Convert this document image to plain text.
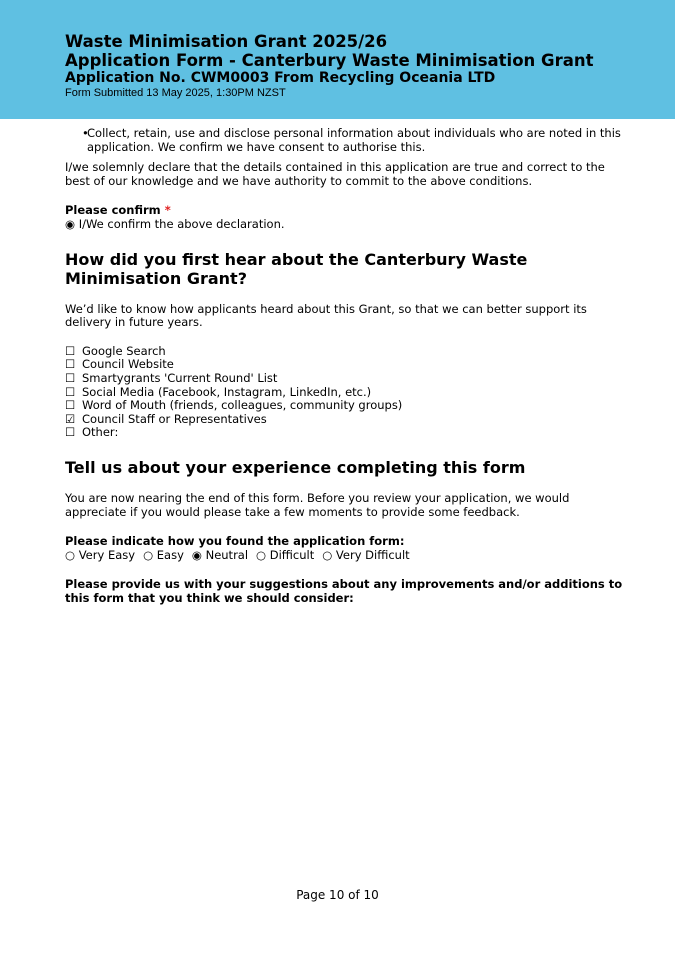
Waste Minimisation Grant 2025/26
Application Form - Canterbury Waste Minimisation Grant
Application No. CWM0003 From Recycling Oceania LTD
Form Submitted 13 May 2025, 1:30PM NZST
•
Collect, retain, use and disclose personal information about individuals who are noted in this application. We confirm we have consent to authorise this.

I/we solemnly declare that the details contained in this application are true and correct to the best of our knowledge and we have authority to commit to the above conditions.

Please confirm *
◉ I/We confirm the above declaration.
How did you first hear about the Canterbury Waste Minimisation Grant?

We’d like to know how applicants heard about this Grant, so that we can better support its delivery in future years.

☐ Google Search
☐ Council Website
☐ Smartygrants 'Current Round' List
☐ Social Media (Facebook, Instagram, LinkedIn, etc.)
☐ Word of Mouth (friends, colleagues, community groups)
☑ Council Staff or Representatives
☐ Other:
Tell us about your experience completing this form

You are now nearing the end of this form. Before you review your application, we would appreciate if you would please take a few moments to provide some feedback.

Please indicate how you found the application form:
○ Very Easy ○ Easy ◉ Neutral ○ Difficult ○ Very Difficult
Please provide us with your suggestions about any improvements and/or additions to this form that you think we should consider:
Page 10 of 10
